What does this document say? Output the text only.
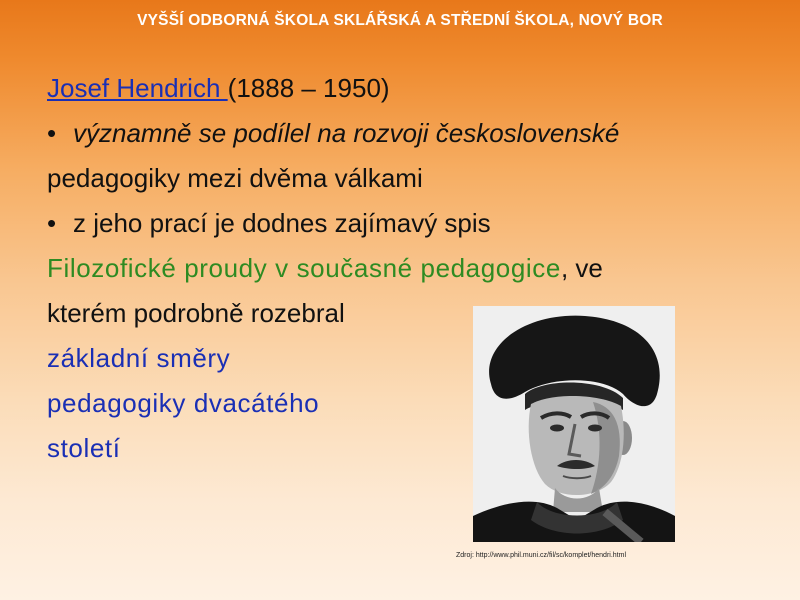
VYŠŠÍ ODBORNÁ ŠKOLA SKLÁŘSKÁ A STŘEDNÍ ŠKOLA, NOVÝ BOR
Josef Hendrich (1888 – 1950)
• významně se podílel na rozvoji československé
pedagogiky mezi dvěma válkami
• z jeho prací je dodnes zajímavý spis
Filozofické proudy v současné pedagogice, ve
kterém podrobně rozebral
základní směry
pedagogiky dvacátého
století
Zdroj: http://www.phil.muni.cz/fil/sc/komplet/hendri.html
